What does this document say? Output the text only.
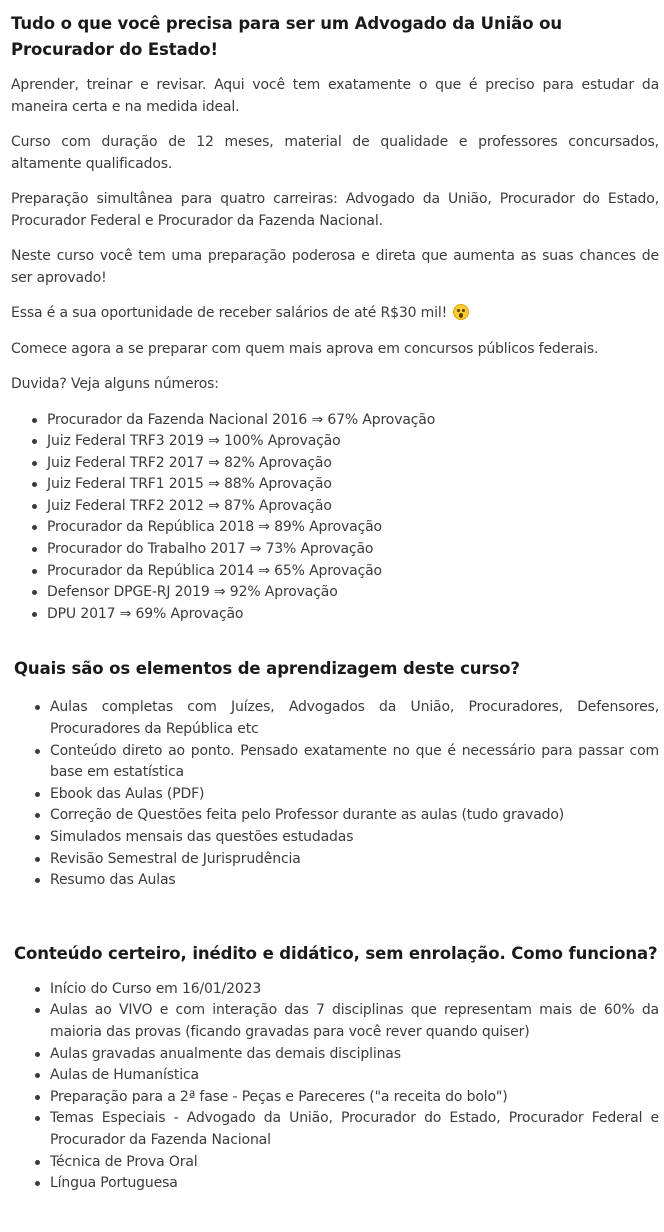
Tudo o que você precisa para ser um Advogado da União ou Procurador do Estado!

Aprender, treinar e revisar. Aqui você tem exatamente o que é preciso para estudar da maneira certa e na medida ideal.

Curso com duração de 12 meses, material de qualidade e professores concursados, altamente qualificados.

Preparação simultânea para quatro carreiras: Advogado da União, Procurador do Estado, Procurador Federal e Procurador da Fazenda Nacional.

Neste curso você tem uma preparação poderosa e direta que aumenta as suas chances de ser aprovado!

Essa é a sua oportunidade de receber salários de até R$30 mil!

Comece agora a se preparar com quem mais aprova em concursos públicos federais.

Duvida? Veja alguns números:

Procurador da Fazenda Nacional 2016 ⇒ 67% Aprovação
Juiz Federal TRF3 2019 ⇒ 100% Aprovação
Juiz Federal TRF2 2017 ⇒ 82% Aprovação
Juiz Federal TRF1 2015 ⇒ 88% Aprovação
Juiz Federal TRF2 2012 ⇒ 87% Aprovação
Procurador da República 2018 ⇒ 89% Aprovação
Procurador do Trabalho 2017 ⇒ 73% Aprovação
Procurador da República 2014 ⇒ 65% Aprovação
Defensor DPGE-RJ 2019 ⇒ 92% Aprovação
DPU 2017 ⇒ 69% Aprovação
Quais são os elementos de aprendizagem deste curso?
Aulas completas com Juízes, Advogados da União, Procuradores, Defensores, Procuradores da República etc
Conteúdo direto ao ponto. Pensado exatamente no que é necessário para passar com base em estatística
Ebook das Aulas (PDF)
Correção de Questões feita pelo Professor durante as aulas (tudo gravado)
Simulados mensais das questões estudadas
Revisão Semestral de Jurisprudência
Resumo das Aulas
Conteúdo certeiro, inédito e didático, sem enrolação. Como funciona?
Início do Curso em 16/01/2023
Aulas ao VIVO e com interação das 7 disciplinas que representam mais de 60% da maioria das provas (ficando gravadas para você rever quando quiser)
Aulas gravadas anualmente das demais disciplinas
Aulas de Humanística
Preparação para a 2ª fase - Peças e Pareceres ("a receita do bolo")
Temas Especiais - Advogado da União, Procurador do Estado, Procurador Federal e Procurador da Fazenda Nacional
Técnica de Prova Oral
Língua Portuguesa
